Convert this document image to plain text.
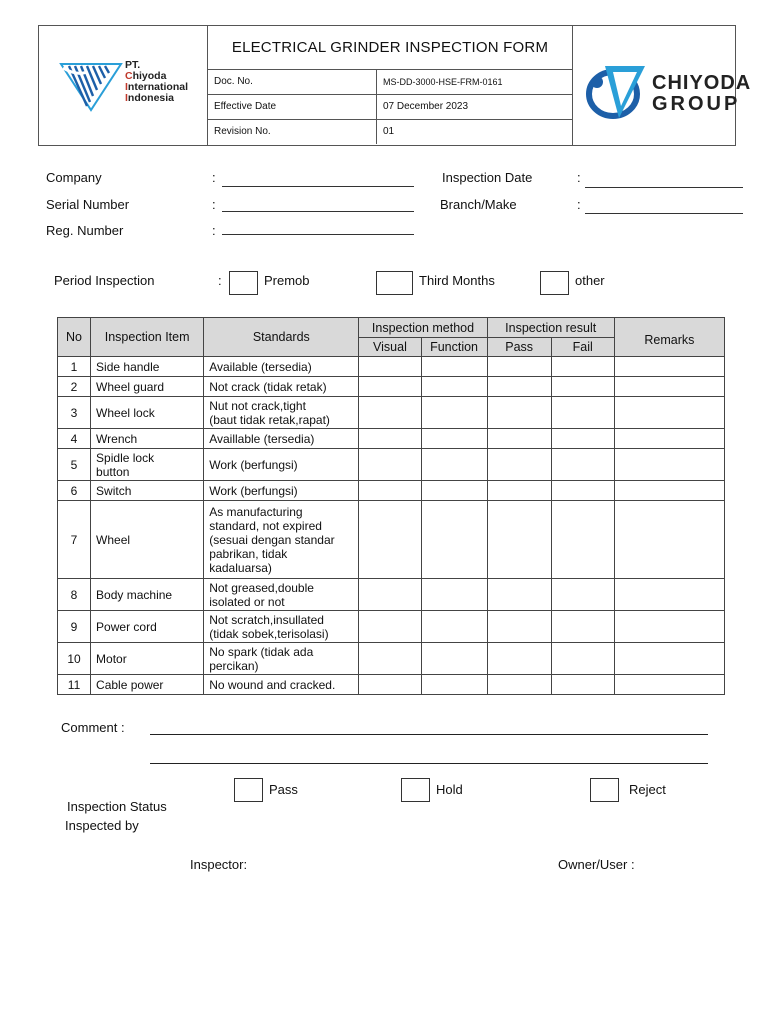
PT.
Chiyoda
International
Indonesia
ELECTRICAL GRINDER INSPECTION FORM
Doc. No.	MS-DD-3000-HSE-FRM-0161
Effective Date	07 December 2023
Revision No.	01
CHIYODA
GROUP
Company	:
Serial Number	:
Reg. Number	:
Inspection Date	:
Branch/Make	:
Period Inspection	:	Premob	Third Months	other
No	Inspection Item	Standards	Inspection method		Inspection result		Remarks
			Visual	Function	Pass	Fail	
1	Side handle	Available (tersedia)					
2	Wheel guard	Not crack (tidak retak)					
3	Wheel lock	Nut not crack,tight
(baut tidak retak,rapat)					
4	Wrench	Availlable (tersedia)					
5	Spidle lock
button	Work (berfungsi)					
6	Switch	Work (berfungsi)					
7	Wheel	As manufacturing
standard, not expired
(sesuai dengan standar
pabrikan, tidak
kadaluarsa)					
8	Body machine	Not greased,double
isolated or not					
9	Power cord	Not scratch,insullated
(tidak sobek,terisolasi)					
10	Motor	No spark (tidak ada
percikan)					
11	Cable power	No wound and cracked.					
Comment :
Pass	Hold	Reject
Inspection Status
Inspected by
Inspector:	Owner/User :
